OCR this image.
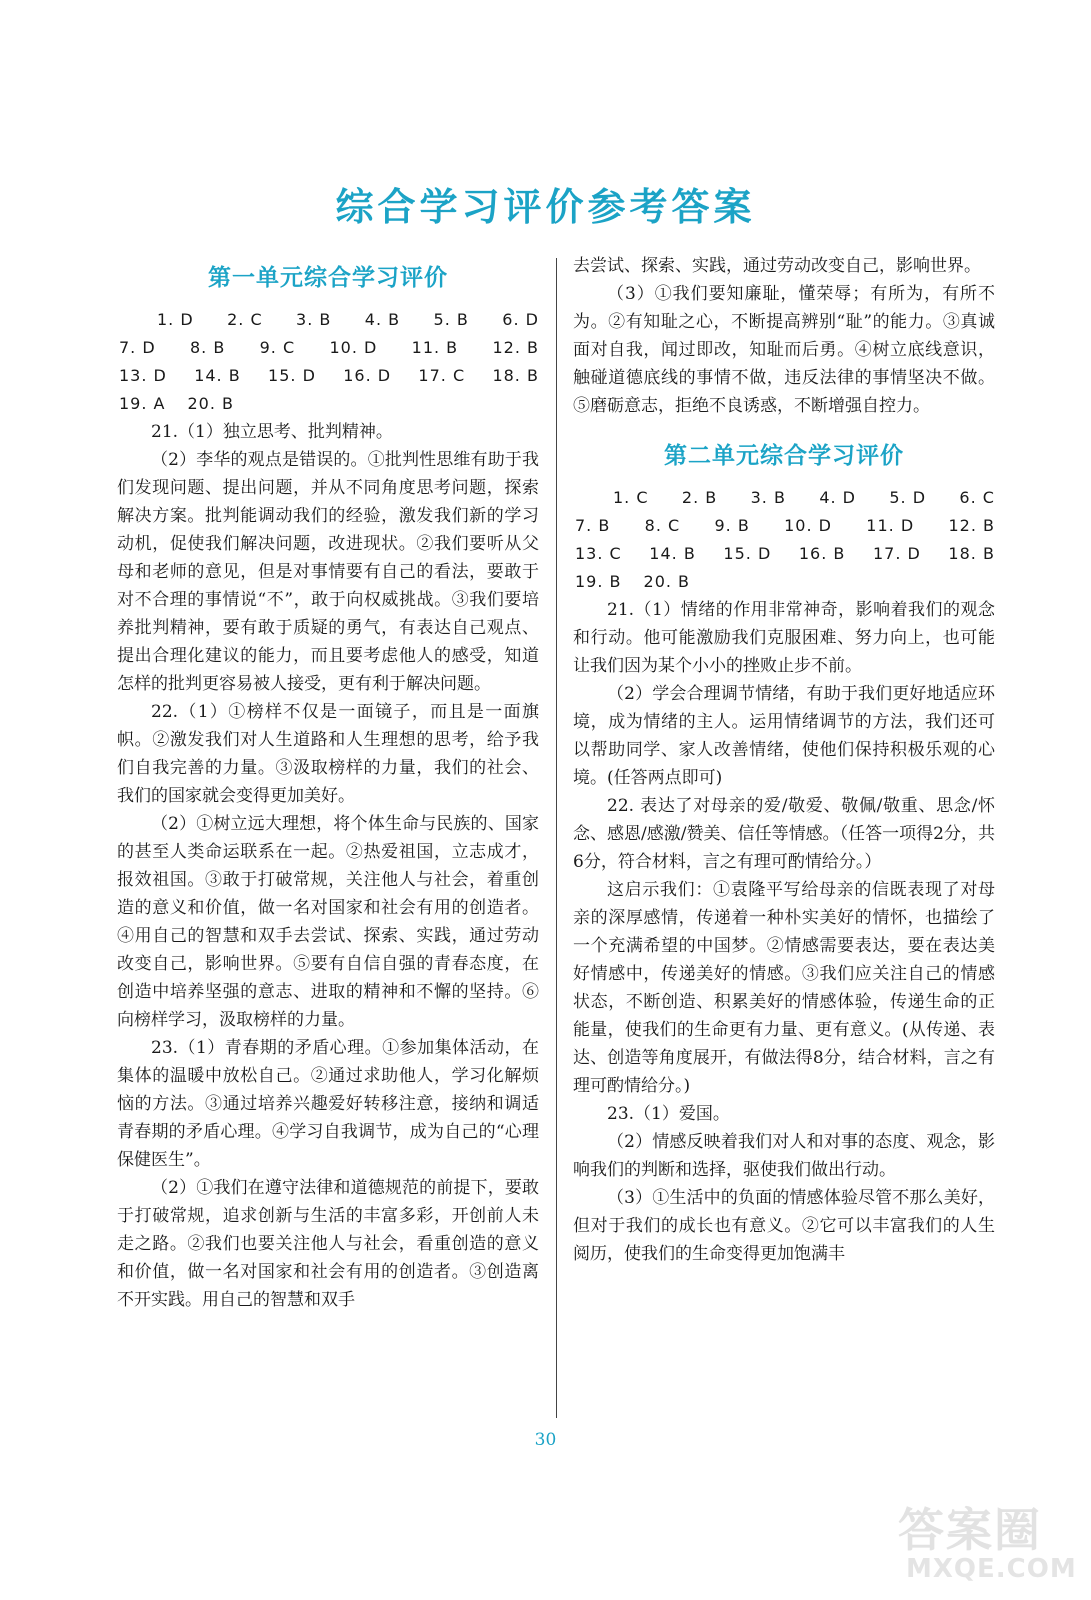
综合学习评价参考答案
第一单元综合学习评价
1. D 2. C 3. B 4. B 5. B 6. D
7. D 8. B 9. C 10. D 11. B 12. B
13. D 14. B 15. D 16. D 17. C 18. B
19. A 20. B

21.（1）独立思考、批判精神。

（2）李华的观点是错误的。①批判性思维有助于我们发现问题、提出问题，并从不同角度思考问题，探索解决方案。批判能调动我们的经验，激发我们新的学习动机，促使我们解决问题，改进现状。②我们要听从父母和老师的意见，但是对事情要有自己的看法，要敢于对不合理的事情说“不”，敢于向权威挑战。③我们要培养批判精神，要有敢于质疑的勇气，有表达自己观点、提出合理化建议的能力，而且要考虑他人的感受，知道怎样的批判更容易被人接受，更有利于解决问题。

22.（1）①榜样不仅是一面镜子，而且是一面旗帜。②激发我们对人生道路和人生理想的思考，给予我们自我完善的力量。③汲取榜样的力量，我们的社会、我们的国家就会变得更加美好。

（2）①树立远大理想，将个体生命与民族的、国家的甚至人类命运联系在一起。②热爱祖国，立志成才，报效祖国。③敢于打破常规，关注他人与社会，着重创造的意义和价值，做一名对国家和社会有用的创造者。④用自己的智慧和双手去尝试、探索、实践，通过劳动改变自己，影响世界。⑤要有自信自强的青春态度，在创造中培养坚强的意志、进取的精神和不懈的坚持。⑥向榜样学习，汲取榜样的力量。

23.（1）青春期的矛盾心理。①参加集体活动，在集体的温暖中放松自己。②通过求助他人，学习化解烦恼的方法。③通过培养兴趣爱好转移注意，接纳和调适青春期的矛盾心理。④学习自我调节，成为自己的“心理保健医生”。

（2）①我们在遵守法律和道德规范的前提下，要敢于打破常规，追求创新与生活的丰富多彩，开创前人未走之路。②我们也要关注他人与社会，看重创造的意义和价值，做一名对国家和社会有用的创造者。③创造离不开实践。用自己的智慧和双手

去尝试、探索、实践，通过劳动改变自己，影响世界。

（3）①我们要知廉耻，懂荣辱；有所为，有所不为。②有知耻之心，不断提高辨别“耻”的能力。③真诚面对自我，闻过即改，知耻而后勇。④树立底线意识，触碰道德底线的事情不做，违反法律的事情坚决不做。⑤磨砺意志，拒绝不良诱惑，不断增强自控力。

第二单元综合学习评价
1. C 2. B 3. B 4. D 5. D 6. C
7. B 8. C 9. B 10. D 11. D 12. B
13. C 14. B 15. D 16. B 17. D 18. B
19. B 20. B

21.（1）情绪的作用非常神奇，影响着我们的观念和行动。他可能激励我们克服困难、努力向上，也可能让我们因为某个小小的挫败止步不前。

（2）学会合理调节情绪，有助于我们更好地适应环境，成为情绪的主人。运用情绪调节的方法，我们还可以帮助同学、家人改善情绪，使他们保持积极乐观的心境。(任答两点即可)

22. 表达了对母亲的爱/敬爱、敬佩/敬重、思念/怀念、感恩/感激/赞美、信任等情感。（任答一项得2分，共6分，符合材料，言之有理可酌情给分。）

这启示我们：①袁隆平写给母亲的信既表现了对母亲的深厚感情，传递着一种朴实美好的情怀，也描绘了一个充满希望的中国梦。②情感需要表达，要在表达美好情感中，传递美好的情感。③我们应关注自己的情感状态，不断创造、积累美好的情感体验，传递生命的正能量，使我们的生命更有力量、更有意义。(从传递、表达、创造等角度展开，有做法得8分，结合材料，言之有理可酌情给分。)

23.（1）爱国。

（2）情感反映着我们对人和对事的态度、观念，影响我们的判断和选择，驱使我们做出行动。

（3）①生活中的负面的情感体验尽管不那么美好，但对于我们的成长也有意义。②它可以丰富我们的人生阅历，使我们的生命变得更加饱满丰

30
答案圈
MXQE.COM
